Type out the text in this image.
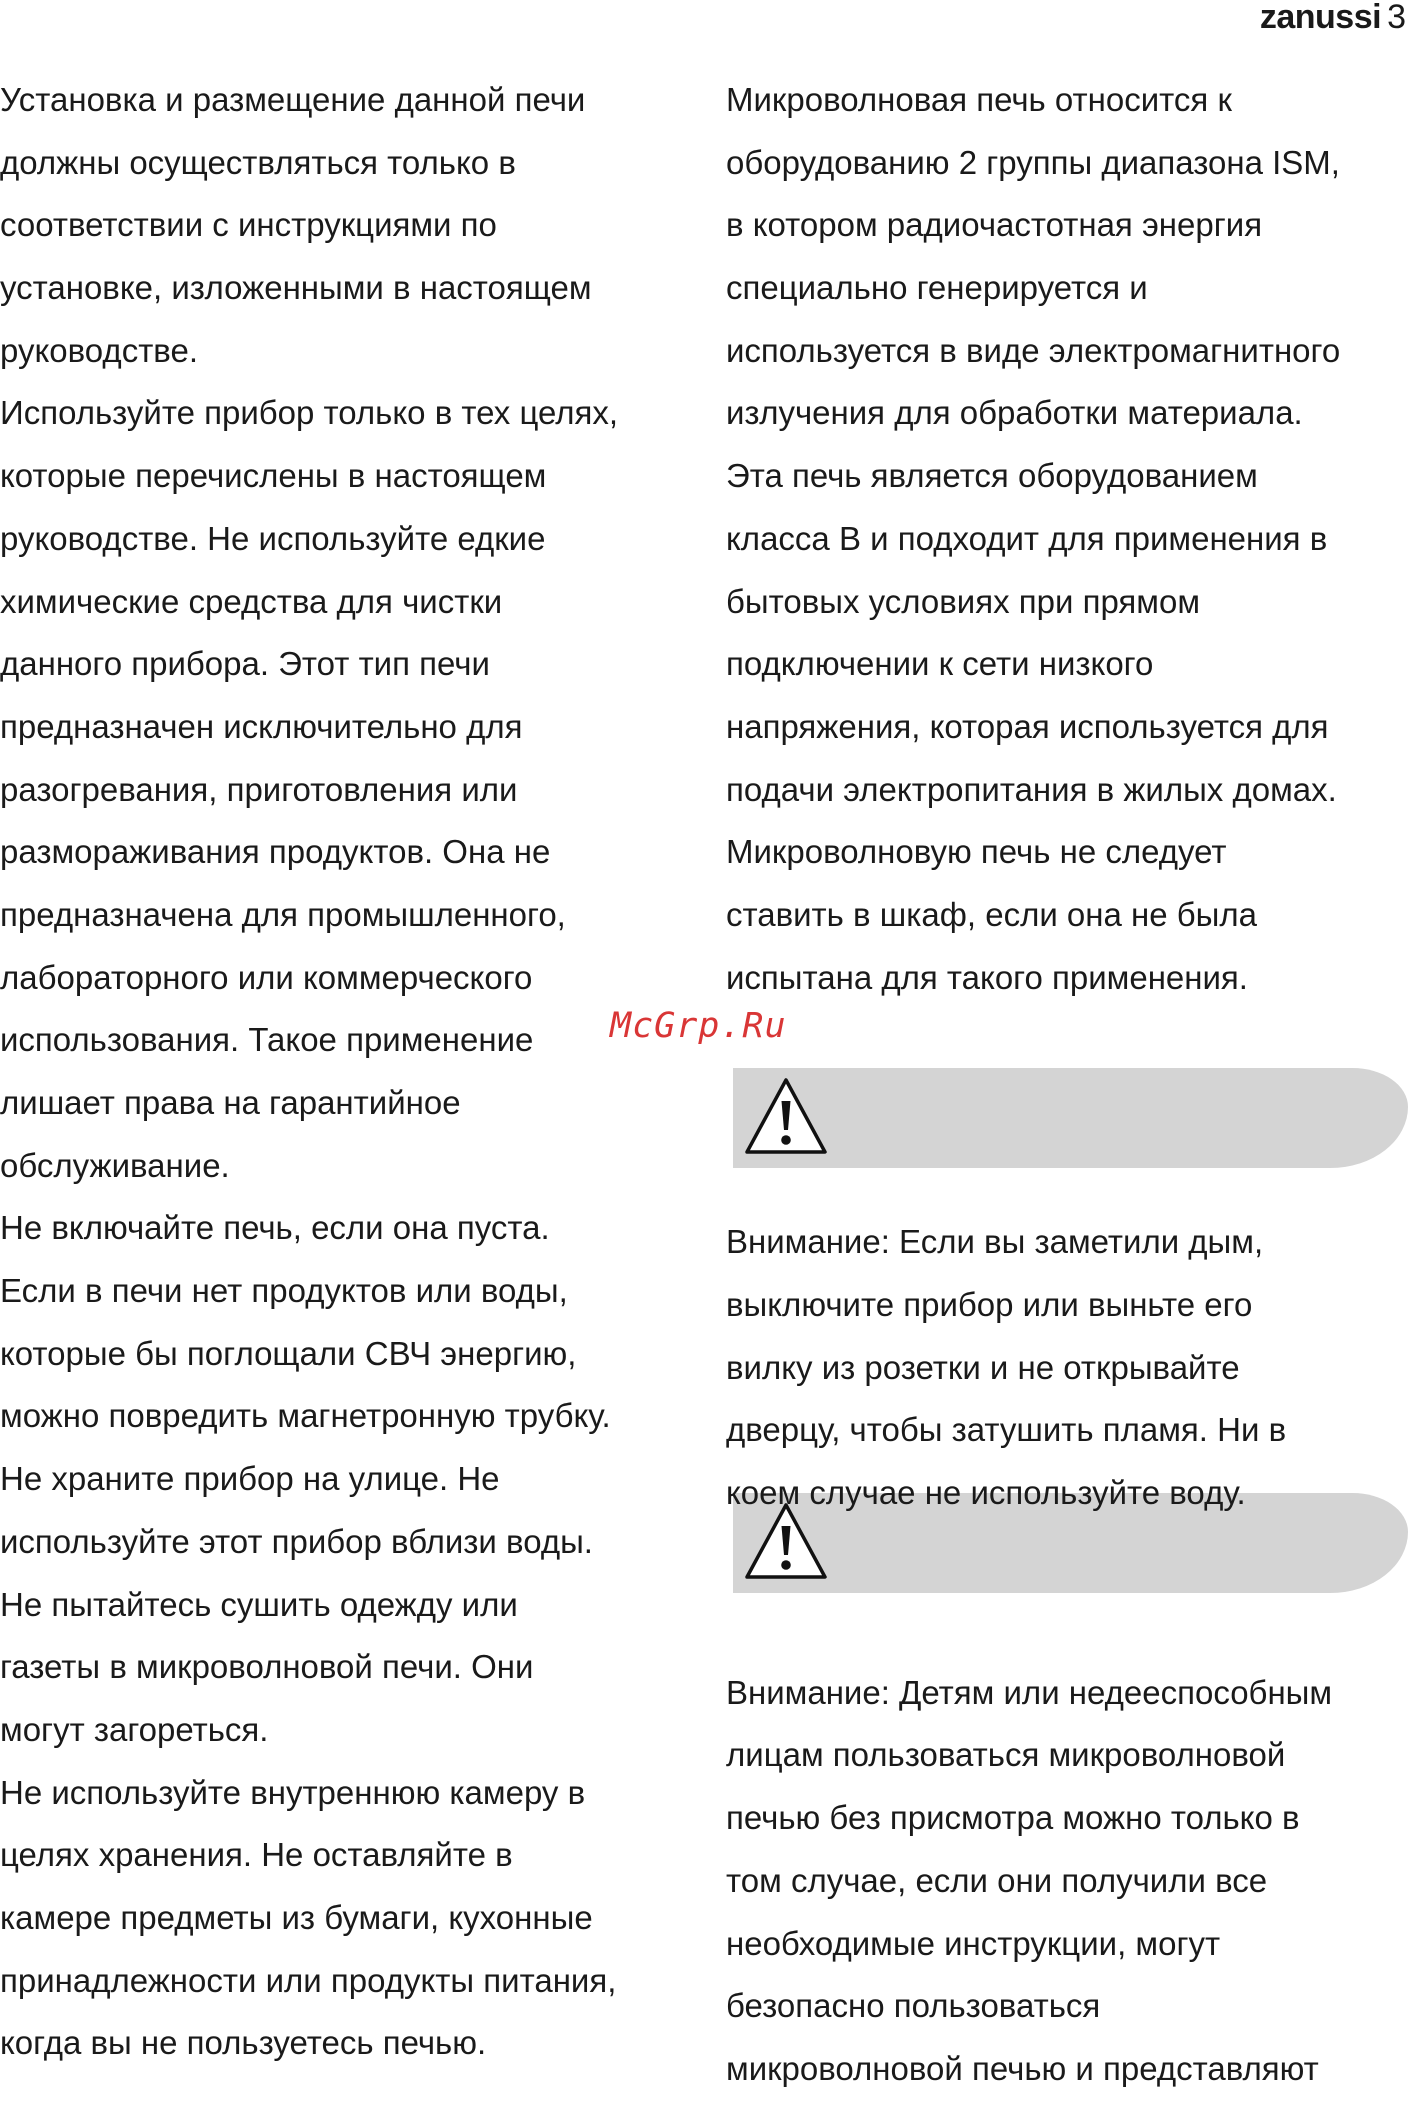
zanussi 3
Установка и размещение данной печи
должны осуществляться только в
соответствии с инструкциями по
установке, изложенными в настоящем
руководстве.
Используйте прибор только в тех целях,
которые перечислены в настоящем
руководстве. Не используйте едкие
химические средства для чистки
данного прибора. Этот тип печи
предназначен исключительно для
разогревания, приготовления или
размораживания продуктов. Она не
предназначена для промышленного,
лабораторного или коммерческого
использования. Такое применение
лишает права на гарантийное
обслуживание.
Не включайте печь, если она пуста.
Если в печи нет продуктов или воды,
которые бы поглощали СВЧ энергию,
можно повредить магнетронную трубку.
Не храните прибор на улице. Не
используйте этот прибор вблизи воды.
Не пытайтесь сушить одежду или
газеты в микроволновой печи. Они
могут загореться.
Не используйте внутреннюю камеру в
целях хранения. Не оставляйте в
камере предметы из бумаги, кухонные
принадлежности или продукты питания,
когда вы не пользуетесь печью.
McGrp.Ru
Микроволновая печь относится к
оборудованию 2 группы диапазона ISM,
в котором радиочастотная энергия
специально генерируется и
используется в виде электромагнитного
излучения для обработки материала.
Эта печь является оборудованием
класса B и подходит для применения в
бытовых условиях при прямом
подключении к сети низкого
напряжения, которая используется для
подачи электропитания в жилых домах.
Микроволновую печь не следует
ставить в шкаф, если она не была
испытана для такого применения.
Внимание: Если вы заметили дым,
выключите прибор или выньте его
вилку из розетки и не открывайте
дверцу, чтобы затушить пламя. Ни в
коем случае не используйте воду.
Внимание: Детям или недееспособным
лицам пользоваться микроволновой
печью без присмотра можно только в
том случае, если они получили все
необходимые инструкции, могут
безопасно пользоваться
микроволновой печью и представляют
